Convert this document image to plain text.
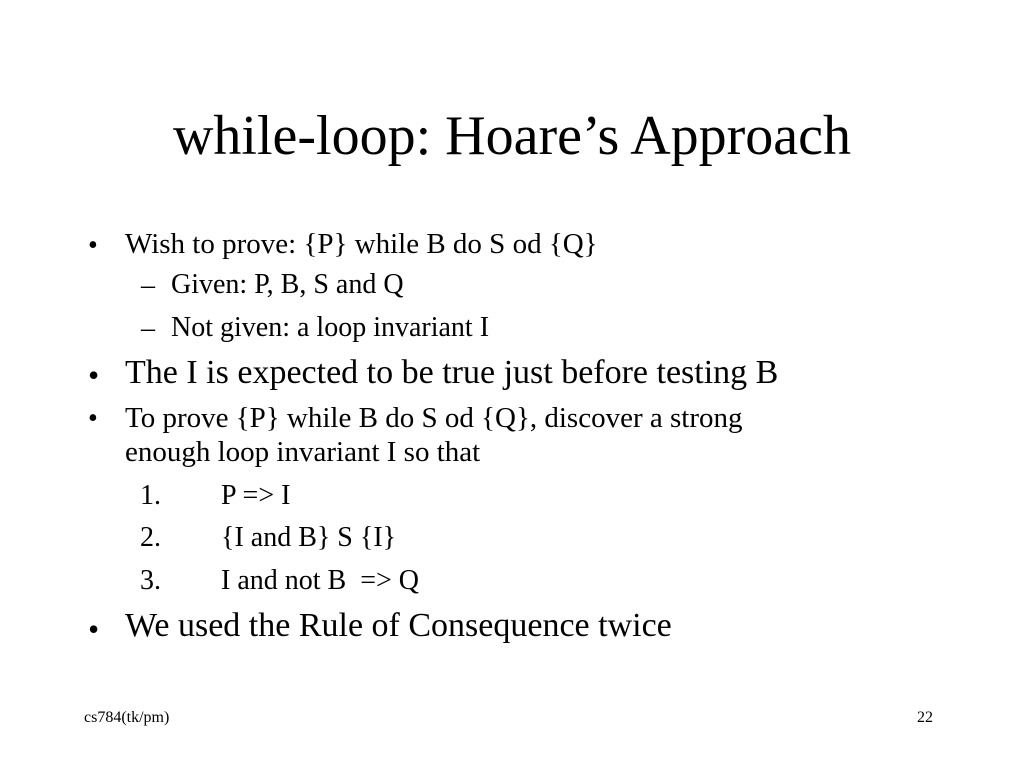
while-loop: Hoare’s Approach
• Wish to prove: {P} while B do S od {Q}
– Given: P, B, S and Q
– Not given: a loop invariant I
• The I is expected to be true just before testing B
• To prove {P} while B do S od {Q}, discover a strong
enough loop invariant I so that
1. P => I
2. {I and B} S {I}
3. I and not B  => Q
• We used the Rule of Consequence twice
cs784(tk/pm)	22
